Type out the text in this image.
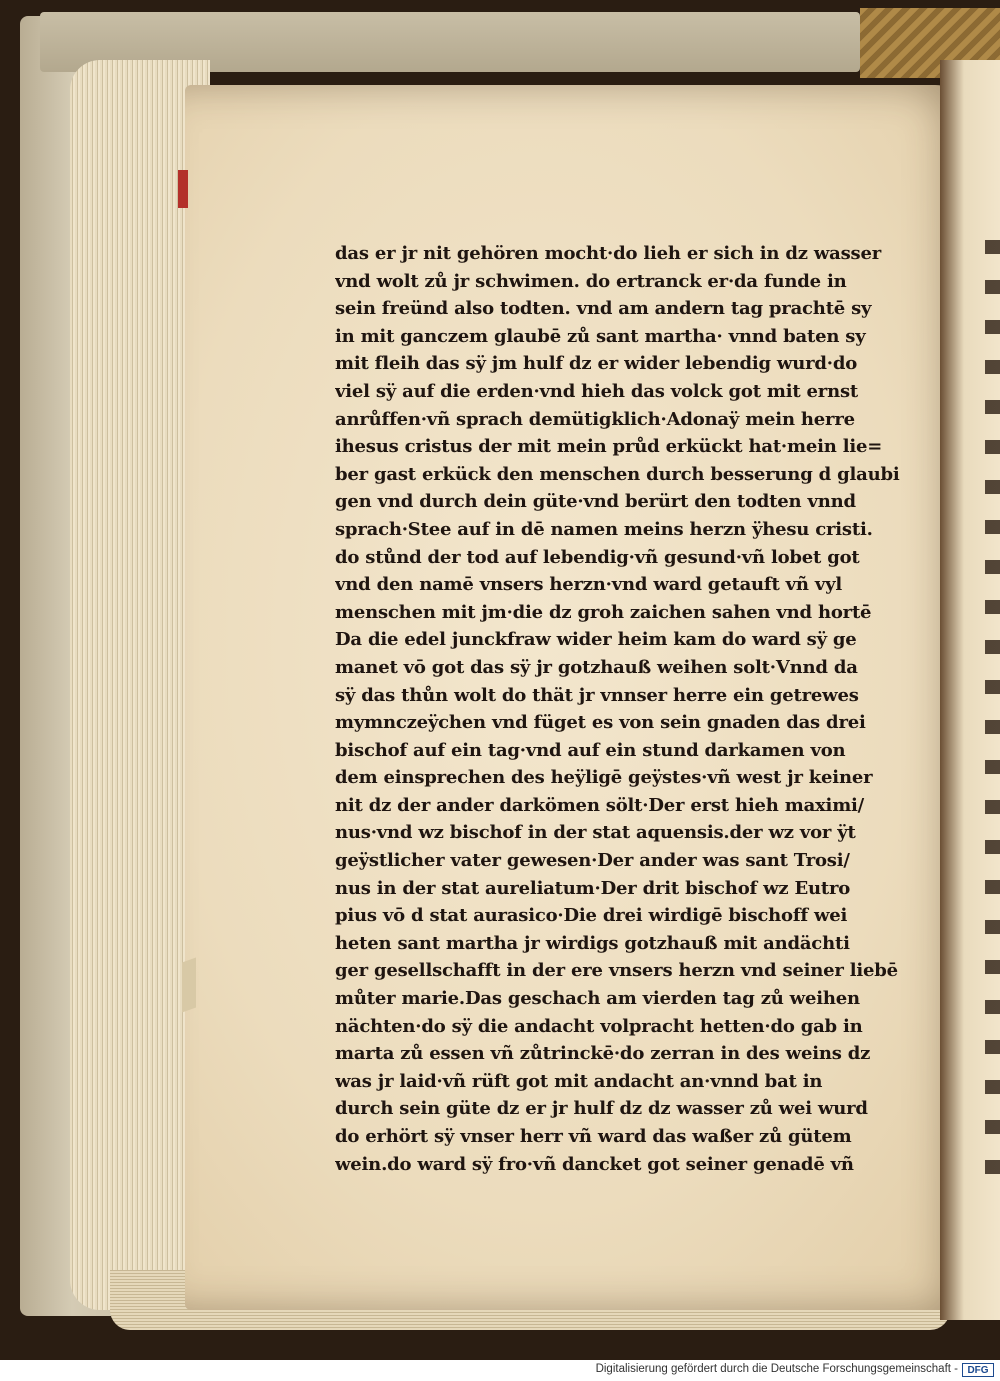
das er jr nit gehören mocht·do lieh er sich in dz wasser
vnd wolt zů jr schwimen. do ertranck er·da funde in
sein freünd also todten. vnd am andern tag prachtē sy
in mit ganczem glaubē zů sant martha· vnnd baten sy
mit fleih das sÿ jm hulf dz er wider lebendig wurd·do
viel sÿ auf die erden·vnd hieh das volck got mit ernst
anrůffen·vñ sprach demütigklich·Adonaÿ mein herre
ihesus cristus der mit mein průd erkückt hat·mein lie=
ber gast erkück den menschen durch besserung d glaubi
gen vnd durch dein güte·vnd berürt den todten vnnd
sprach·Stee auf in dē namen meins herzn ÿhesu cristi.
do stůnd der tod auf lebendig·vñ gesund·vñ lobet got
vnd den namē vnsers herzn·vnd ward getauft vñ vyl
menschen mit jm·die dz groh zaichen sahen vnd hortē
Da die edel junckfraw wider heim kam do ward sÿ ge
manet vō got das sÿ jr gotzhauß weihen solt·Vnnd da
sÿ das thůn wolt do thät jr vnnser herre ein getrewes
mymnczeÿchen vnd füget es von sein gnaden das drei
bischof auf ein tag·vnd auf ein stund darkamen von
dem einsprechen des heÿligē geÿstes·vñ west jr keiner
nit dz der ander darkömen sölt·Der erst hieh maximi/
nus·vnd wz bischof in der stat aquensis.der wz vor ÿt
geÿstlicher vater gewesen·Der ander was sant Trosi/
nus in der stat aureliatum·Der drit bischof wz Eutro
pius vō d stat aurasico·Die drei wirdigē bischoff wei
heten sant martha jr wirdigs gotzhauß mit andächti
ger gesellschafft in der ere vnsers herzn vnd seiner liebē
můter marie.Das geschach am vierden tag zů weihen
nächten·do sÿ die andacht volpracht hetten·do gab in
marta zů essen vñ zůtrinckē·do zerran in des weins dz
was jr laid·vñ rüft got mit andacht an·vnnd bat in
durch sein güte dz er jr hulf dz dz wasser zů wei wurd
do erhört sÿ vnser herr vñ ward das waßer zů gütem
wein.do ward sÿ fro·vñ dancket got seiner genadē vñ
Digitalisierung gefördert durch die Deutsche Forschungsgemeinschaft - DFG
